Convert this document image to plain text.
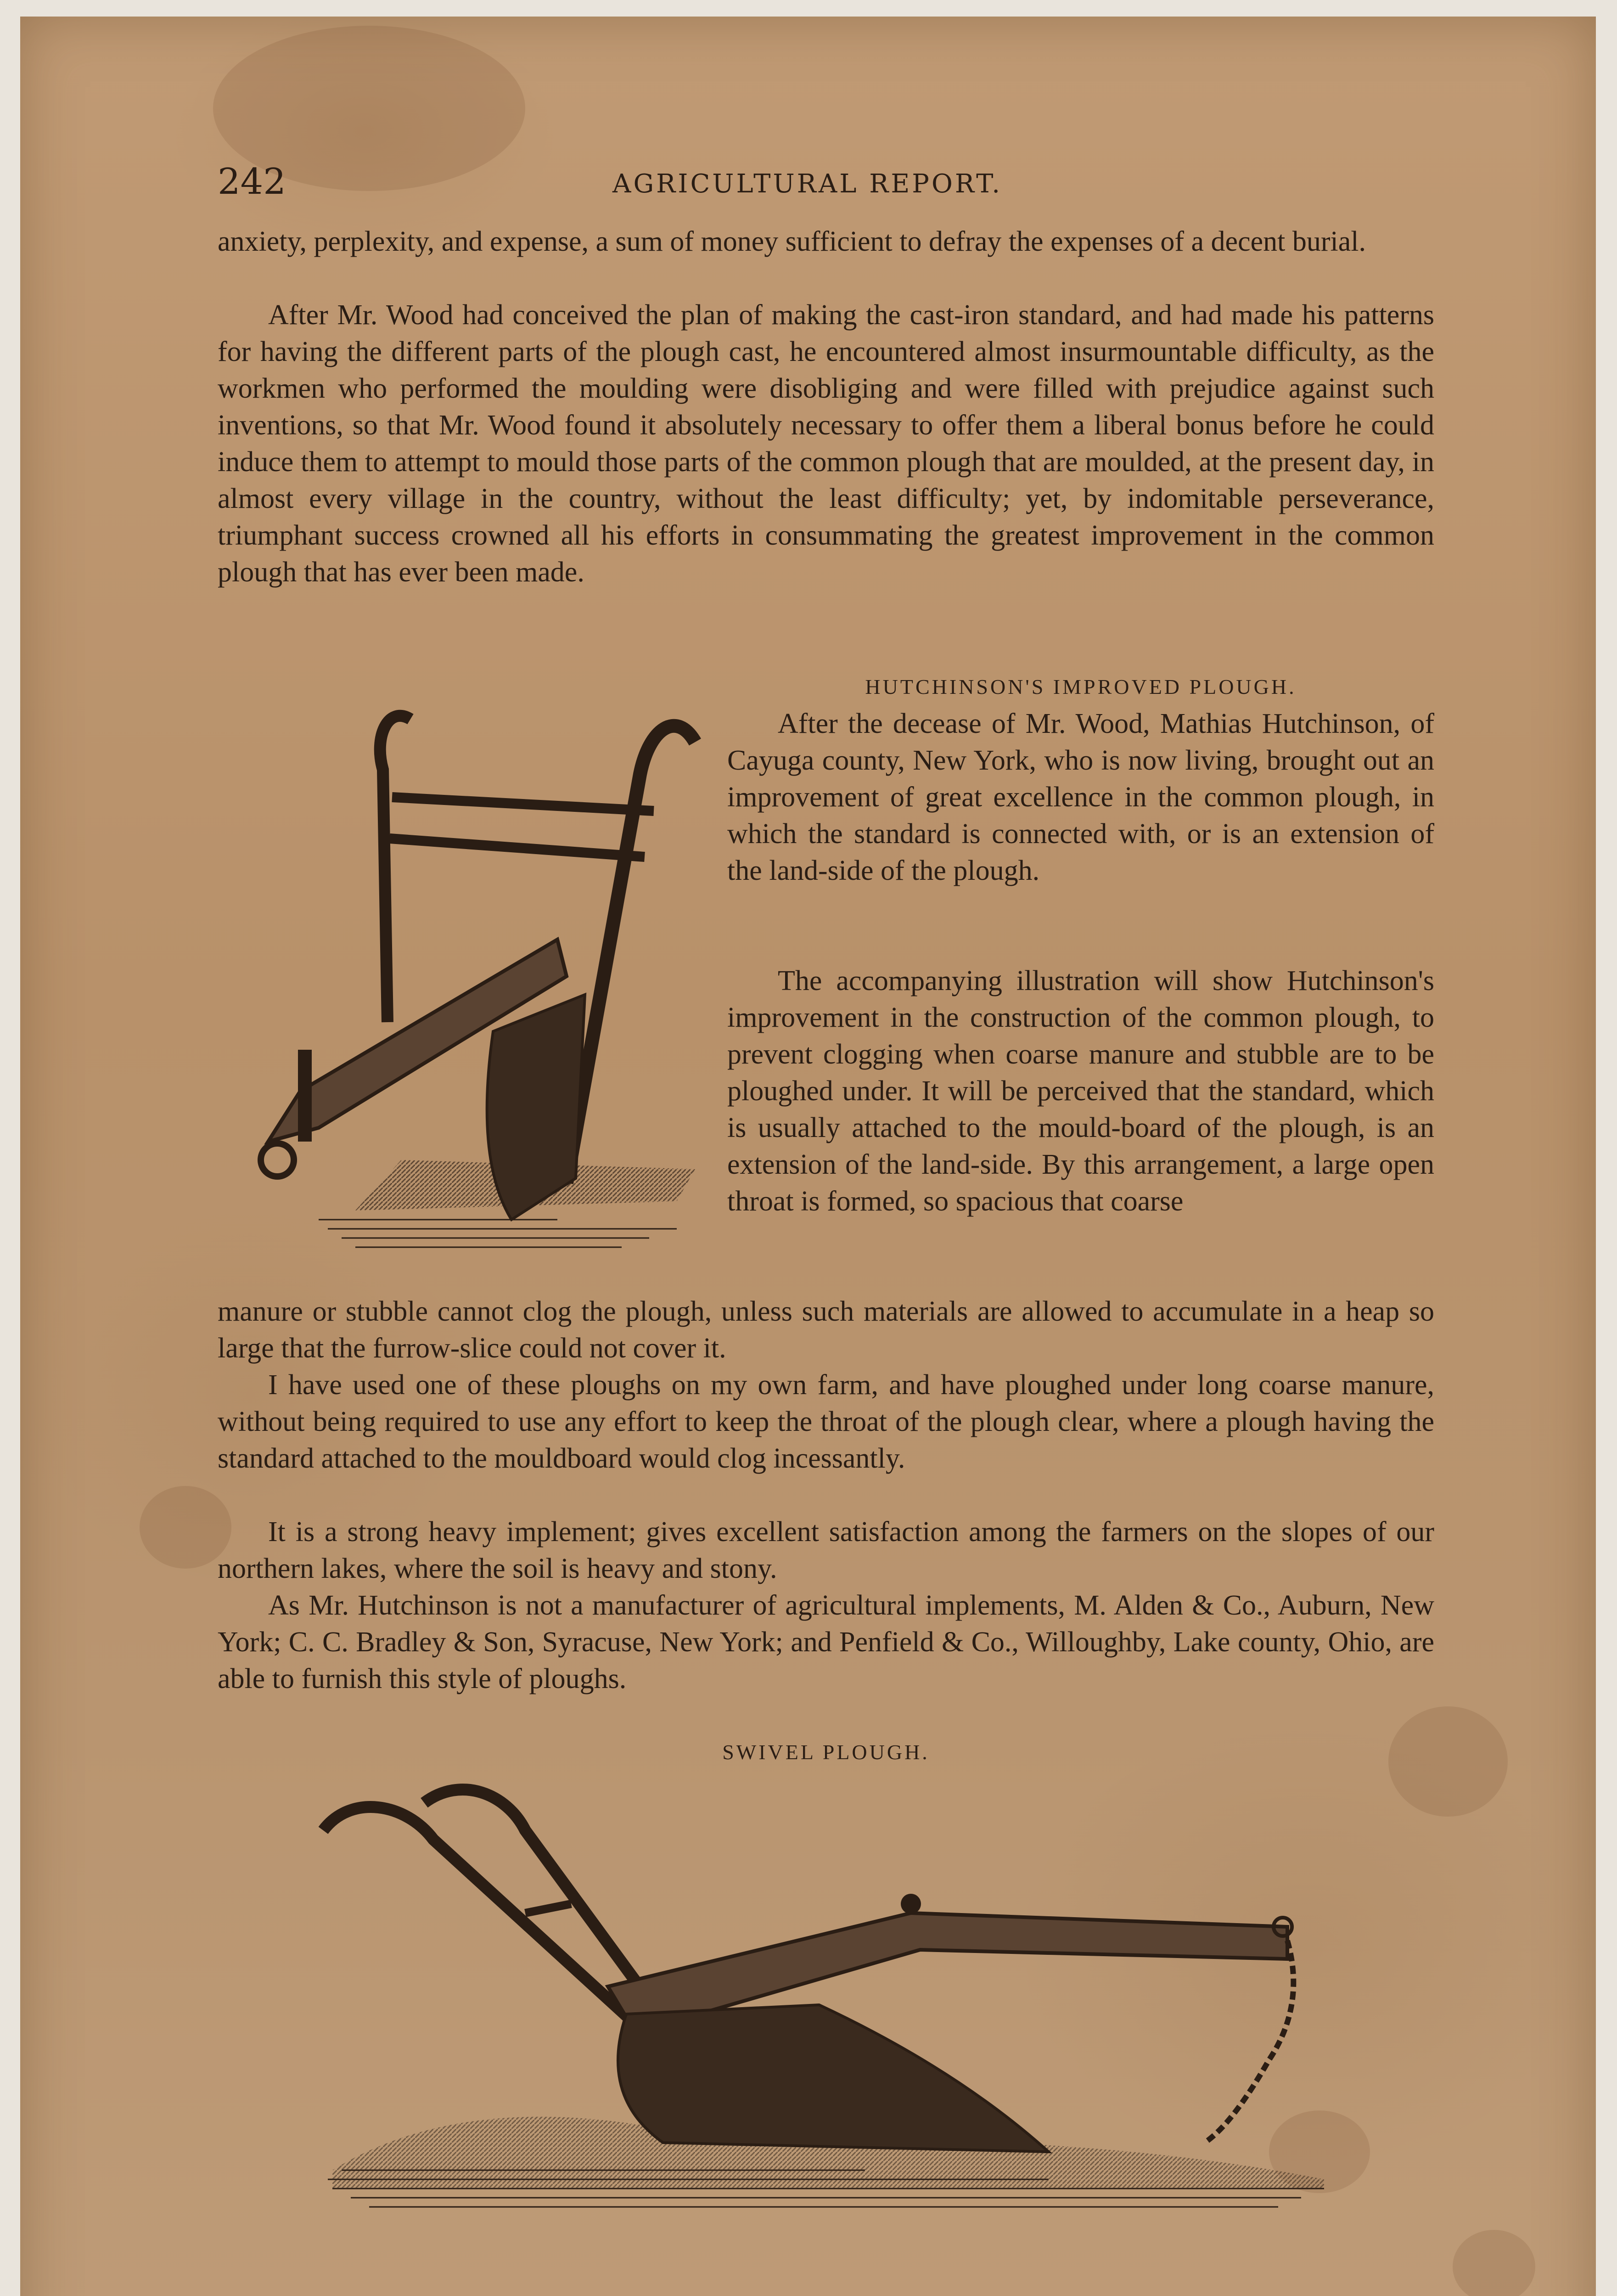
242	AGRICULTURAL REPORT.

anxiety, perplexity, and expense, a sum of money sufficient to defray the expenses of a decent burial.

After Mr. Wood had conceived the plan of making the cast-iron standard, and had made his patterns for having the different parts of the plough cast, he encountered almost insurmountable difficulty, as the workmen who performed the moulding were disobliging and were filled with prejudice against such inventions, so that Mr. Wood found it absolutely necessary to offer them a liberal bonus before he could induce them to attempt to mould those parts of the common plough that are moulded, at the present day, in almost every village in the country, without the least difficulty; yet, by indomitable perseverance, triumphant success crowned all his efforts in consummating the greatest improvement in the common plough that has ever been made.

HUTCHINSON'S IMPROVED PLOUGH.

After the decease of Mr. Wood, Mathias Hutchinson, of Cayuga county, New York, who is now living, brought out an improvement of great excellence in the common plough, in which the standard is connected with, or is an extension of the land-side of the plough.

The accompanying illustration will show Hutchinson's improvement in the construction of the common plough, to prevent clogging when coarse manure and stubble are to be ploughed under. It will be perceived that the standard, which is usually attached to the mould-board of the plough, is an extension of the land-side. By this arrangement, a large open throat is formed, so spacious that coarse

manure or stubble cannot clog the plough, unless such materials are allowed to accumulate in a heap so large that the furrow-slice could not cover it.

I have used one of these ploughs on my own farm, and have ploughed under long coarse manure, without being required to use any effort to keep the throat of the plough clear, where a plough having the standard attached to the mouldboard would clog incessantly.

It is a strong heavy implement; gives excellent satisfaction among the farmers on the slopes of our northern lakes, where the soil is heavy and stony.

As Mr. Hutchinson is not a manufacturer of agricultural implements, M. Alden & Co., Auburn, New York; C. C. Bradley & Son, Syracuse, New York; and Penfield & Co., Willoughby, Lake county, Ohio, are able to furnish this style of ploughs.

SWIVEL PLOUGH.
